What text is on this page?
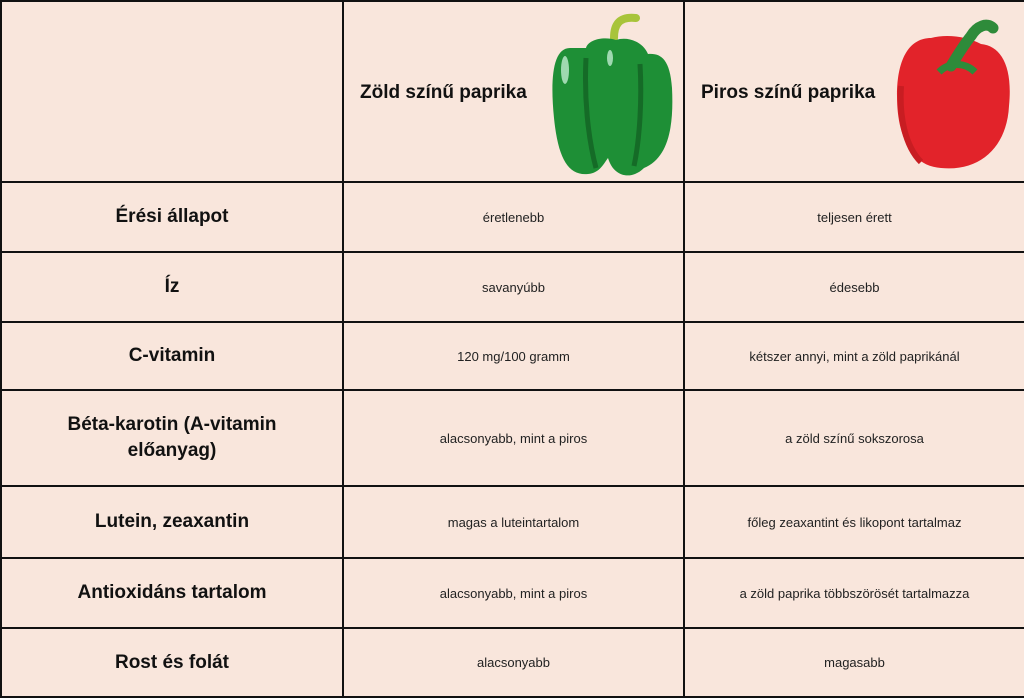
	Zöld színű paprika	Piros színű paprika

Érési állapot	éretlenebb	teljesen érett
Íz	savanyúbb	édesebb
C-vitamin	120 mg/100 gramm	kétszer annyi, mint a zöld paprikánál
Béta-karotin (A-vitamin előanyag)	alacsonyabb, mint a piros	a zöld színű sokszorosa
Lutein, zeaxantin	magas a luteintartalom	főleg zeaxantint és likopont tartalmaz
Antioxidáns tartalom	alacsonyabb, mint a piros	a zöld paprika többszörösét tartalmazza
Rost és folát	alacsonyabb	magasabb
